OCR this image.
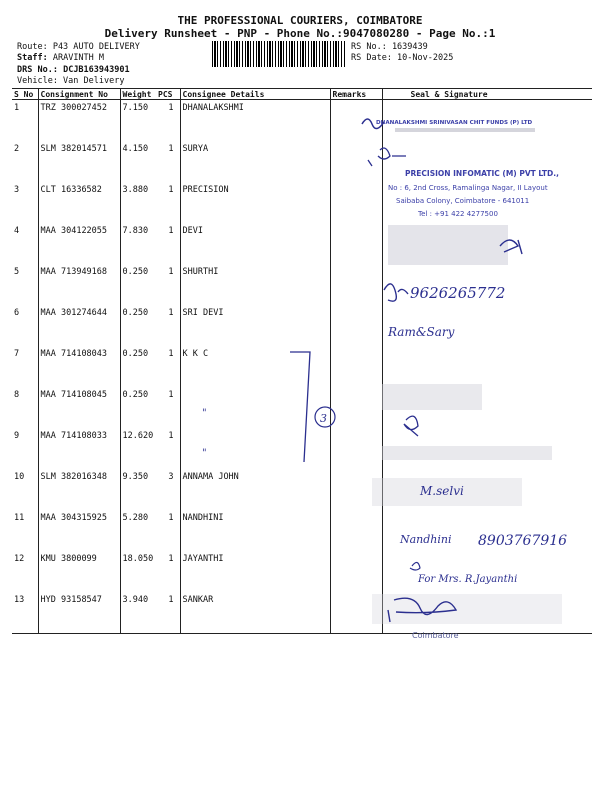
THE PROFESSIONAL COURIERS, COIMBATORE
Delivery Runsheet - PNP - Phone No.:9047080280 - Page No.:1
Route: P43 AUTO DELIVERY
Staff: ARAVINTH M
DRS No.: DCJB163943901
Vehicle: Van Delivery
RS No.: 1639439
RS Date: 10-Nov-2025
S No	Consignment No	Weight	PCS	Consignee Details	Remarks	Seal & Signature
1	TRZ 300027452	7.150	1	DHANALAKSHMI		
2	SLM 382014571	4.150	1	SURYA		
3	CLT 16336582	3.880	1	PRECISION		
4	MAA 304122055	7.830	1	DEVI		
5	MAA 713949168	0.250	1	SHURTHI		
6	MAA 301274644	0.250	1	SRI DEVI		
7	MAA 714108043	0.250	1	K K C		
8	MAA 714108045	0.250	1			
9	MAA 714108033	12.620	1			
10	SLM 382016348	9.350	3	ANNAMA JOHN		
11	MAA 304315925	5.280	1	NANDHINI		
12	KMU 3800099	18.050	1	JAYANTHI		
13	HYD 93158547	3.940	1	SANKAR		
DHANALAKSHMI SRINIVASAN CHIT FUNDS (P) LTD
PRECISION INFOMATIC (M) PVT LTD.,
No : 6, 2nd Cross, Ramalinga Nagar, II Layout
Saibaba Colony, Coimbatore - 641011
Tel : +91 422 4277500
9626265772
Ram&Sary
3
"
"
M.selvi
Nandhini 8903767916
For Mrs. R.Jayanthi
Coimbatore
